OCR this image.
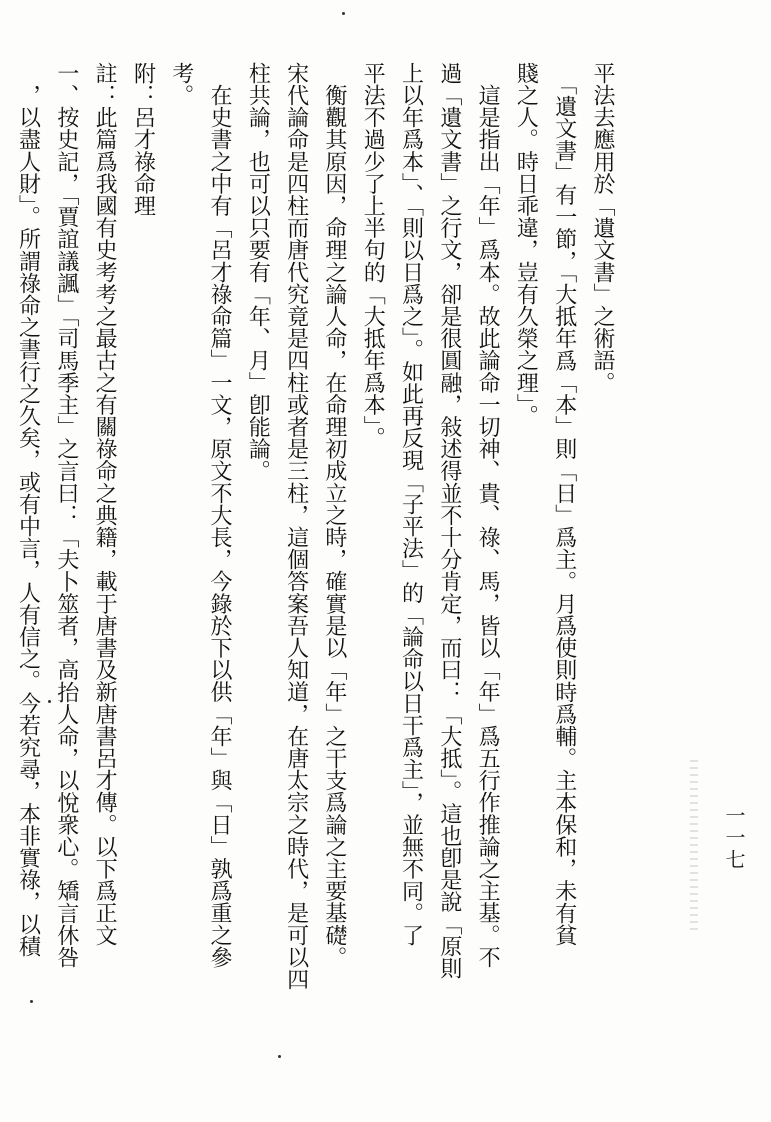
平法去應用於「遺文書」之術語。
　「遺文書」有一節，「大抵年爲「本」則「日」爲主。月爲使則時爲輔。主本保和，未有貧
賤之人。時日乖違，豈有久榮之理」。
　這是指出「年」爲本。故此論命一切神、貴、祿、馬，皆以「年」爲五行作推論之主基。不
過「遺文書」之行文，卻是很圓融，敍述得並不十分肯定，而曰：「大抵」。這也卽是說「原則
上以年爲本」、「則以日爲之」。如此再反現「子平法」的「論命以日干爲主」，並無不同。了
平法不過少了上半句的「大抵年爲本」。
　衡觀其原因，命理之論人命，在命理初成立之時，確實是以「年」之干支爲論之主要基礎。
宋代論命是四柱而唐代究竟是四柱或者是三柱，這個答案吾人知道，在唐太宗之時代，是可以四
柱共論，也可以只要有「年、月」卽能論。
　在史書之中有「呂才祿命篇」一文，原文不大長，今錄於下以供「年」與「日」孰爲重之參
考。
附：呂才祿命理
註：此篇爲我國有史考考之最古之有關祿命之典籍，載于唐書及新唐書呂才傳。以下爲正文
一、按史記，「賈誼議諷」「司馬季主」之言曰：「夫卜筮者，高抬人命，以悅衆心。矯言休咎
　，以盡人財」。所謂祿命之書行之久矣，或有中言，人有信之。今若究尋，本非實祿，以積	一一七
